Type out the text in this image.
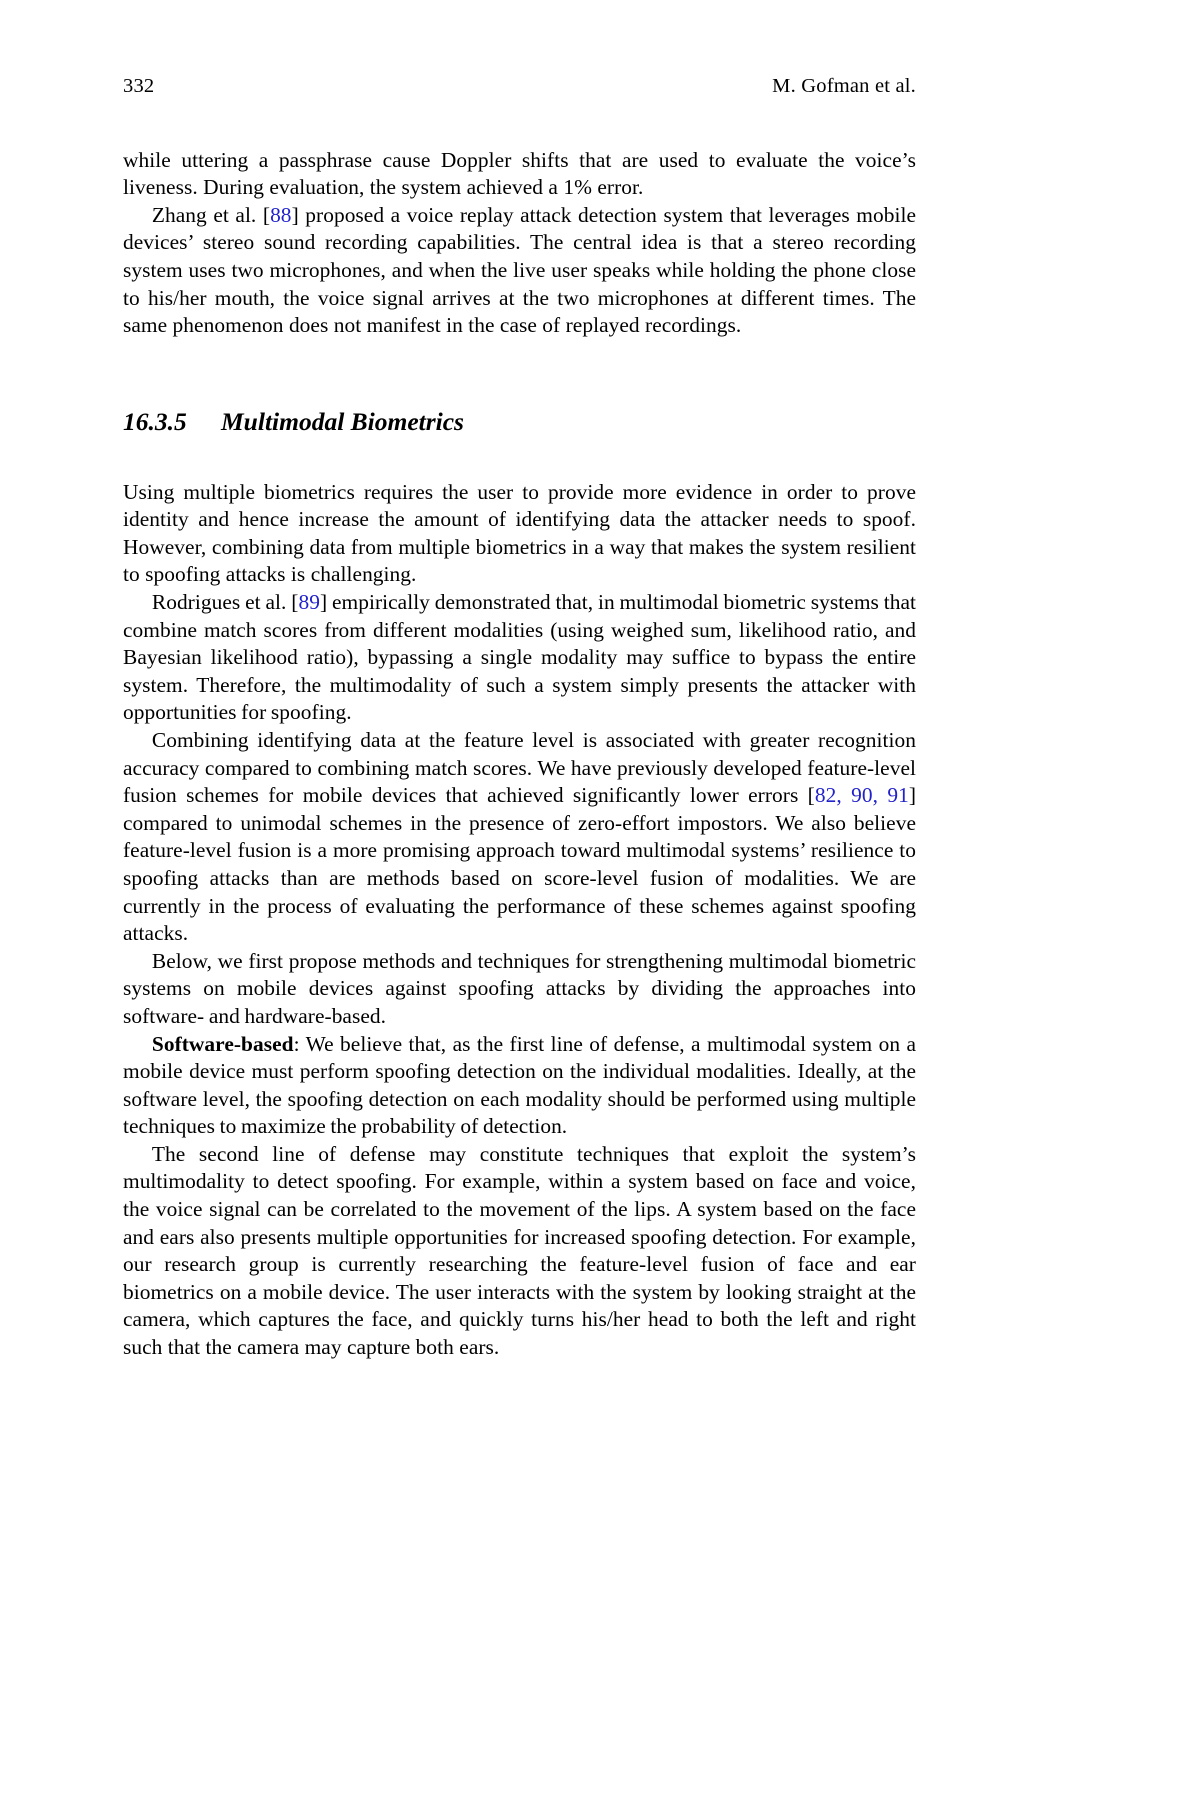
332	M. Gofman et al.

while uttering a passphrase cause Doppler shifts that are used to evaluate the voice’s liveness. During evaluation, the system achieved a 1% error.

Zhang et al. [88] proposed a voice replay attack detection system that leverages mobile devices’ stereo sound recording capabilities. The central idea is that a stereo recording system uses two microphones, and when the live user speaks while holding the phone close to his/her mouth, the voice signal arrives at the two microphones at different times. The same phenomenon does not manifest in the case of replayed recordings.

16.3.5 Multimodal Biometrics

Using multiple biometrics requires the user to provide more evidence in order to prove identity and hence increase the amount of identifying data the attacker needs to spoof. However, combining data from multiple biometrics in a way that makes the system resilient to spoofing attacks is challenging.

Rodrigues et al. [89] empirically demonstrated that, in multimodal biometric systems that combine match scores from different modalities (using weighed sum, likelihood ratio, and Bayesian likelihood ratio), bypassing a single modality may suffice to bypass the entire system. Therefore, the multimodality of such a system simply presents the attacker with opportunities for spoofing.

Combining identifying data at the feature level is associated with greater recognition accuracy compared to combining match scores. We have previously developed feature-level fusion schemes for mobile devices that achieved significantly lower errors [82, 90, 91] compared to unimodal schemes in the presence of zero-effort impostors. We also believe feature-level fusion is a more promising approach toward multimodal systems’ resilience to spoofing attacks than are methods based on score-level fusion of modalities. We are currently in the process of evaluating the performance of these schemes against spoofing attacks.

Below, we first propose methods and techniques for strengthening multimodal biometric systems on mobile devices against spoofing attacks by dividing the approaches into software- and hardware-based.

Software-based: We believe that, as the first line of defense, a multimodal system on a mobile device must perform spoofing detection on the individual modalities. Ideally, at the software level, the spoofing detection on each modality should be performed using multiple techniques to maximize the probability of detection.

The second line of defense may constitute techniques that exploit the system’s multimodality to detect spoofing. For example, within a system based on face and voice, the voice signal can be correlated to the movement of the lips. A system based on the face and ears also presents multiple opportunities for increased spoofing detection. For example, our research group is currently researching the feature-level fusion of face and ear biometrics on a mobile device. The user interacts with the system by looking straight at the camera, which captures the face, and quickly turns his/her head to both the left and right such that the camera may capture both ears.
